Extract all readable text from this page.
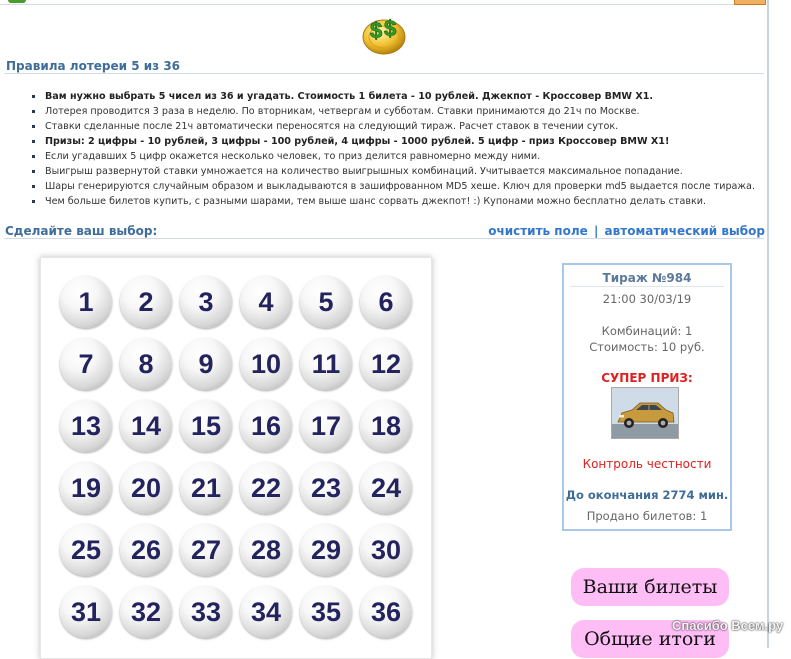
$ $
Правила лотереи 5 из 36
Вам нужно выбрать 5 чисел из 36 и угадать. Стоимость 1 билета - 10 рублей. Джекпот - Кроссовер BMW X1.
Лотерея проводится 3 раза в неделю. По вторникам, четвергам и субботам. Ставки принимаются до 21ч по Москве.
Ставки сделанные после 21ч автоматически переносятся на следующий тираж. Расчет ставок в течении суток.
Призы: 2 цифры - 10 рублей, 3 цифры - 100 рублей, 4 цифры - 1000 рублей. 5 цифр - приз Кроссовер BMW X1!
Если угадавших 5 цифр окажется несколько человек, то приз делится равномерно между ними.
Выигрыш развернутой ставки умножается на количество выигрышных комбинаций. Учитывается максимальное попадание.
Шары генерируются случайным образом и выкладываются в зашифрованном MD5 хеше. Ключ для проверки md5 выдается после тиража.
Чем больше билетов купить, с разными шарами, тем выше шанс сорвать джекпот! :) Купонами можно бесплатно делать ставки.
Сделайте ваш выбор:	очистить поле | автоматический выбор
1	2	3	4	5	6
7	8	9	10	11	12
13	14	15	16	17	18
19	20	21	22	23	24
25	26	27	28	29	30
31	32	33	34	35	36
Тираж №984
21:00 30/03/19
Комбинаций: 1
Стоимость: 10 руб.
СУПЕР ПРИЗ:
Контроль честности
До окончания 2774 мин.
Продано билетов: 1
Ваши билеты
Общие итоги
Спасибо Всем.ру
